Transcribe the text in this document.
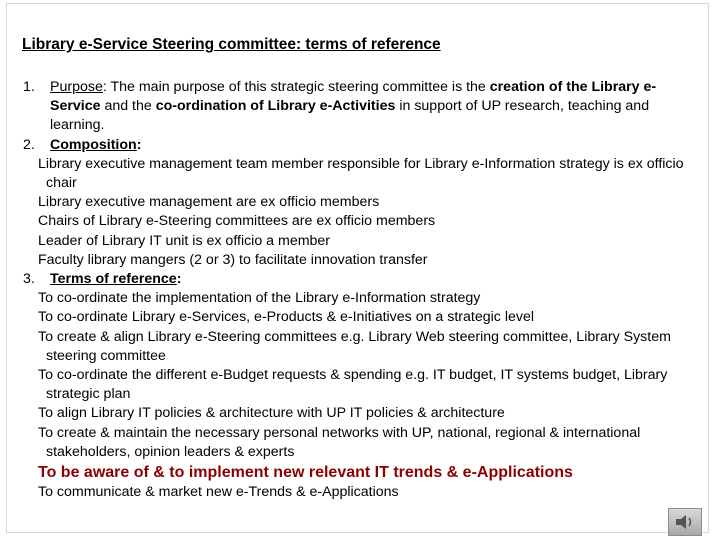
Library e-Service Steering committee: terms of reference
1. Purpose: The main purpose of this strategic steering committee is the creation of the Library e-Service and the co-ordination of Library e-Activities in support of UP research, teaching and learning.
2. Composition:
Library executive management team member responsible for Library e-Information strategy is ex officio chair
Library executive management are ex officio members
Chairs of Library e-Steering committees are ex officio members
Leader of Library IT unit is ex officio a member
Faculty library mangers (2 or 3) to facilitate innovation transfer
3. Terms of reference:
To co-ordinate the implementation of the Library e-Information strategy
To co-ordinate Library e-Services, e-Products & e-Initiatives on a strategic level
To create & align Library e-Steering committees e.g. Library Web steering committee, Library System steering committee
To co-ordinate the different e-Budget requests & spending e.g. IT budget, IT systems budget, Library strategic plan
To align Library IT policies & architecture with UP IT policies & architecture
To create & maintain the necessary personal networks with UP, national, regional & international stakeholders, opinion leaders & experts
To be aware of & to implement new relevant IT trends & e-Applications
To communicate & market new e-Trends & e-Applications
